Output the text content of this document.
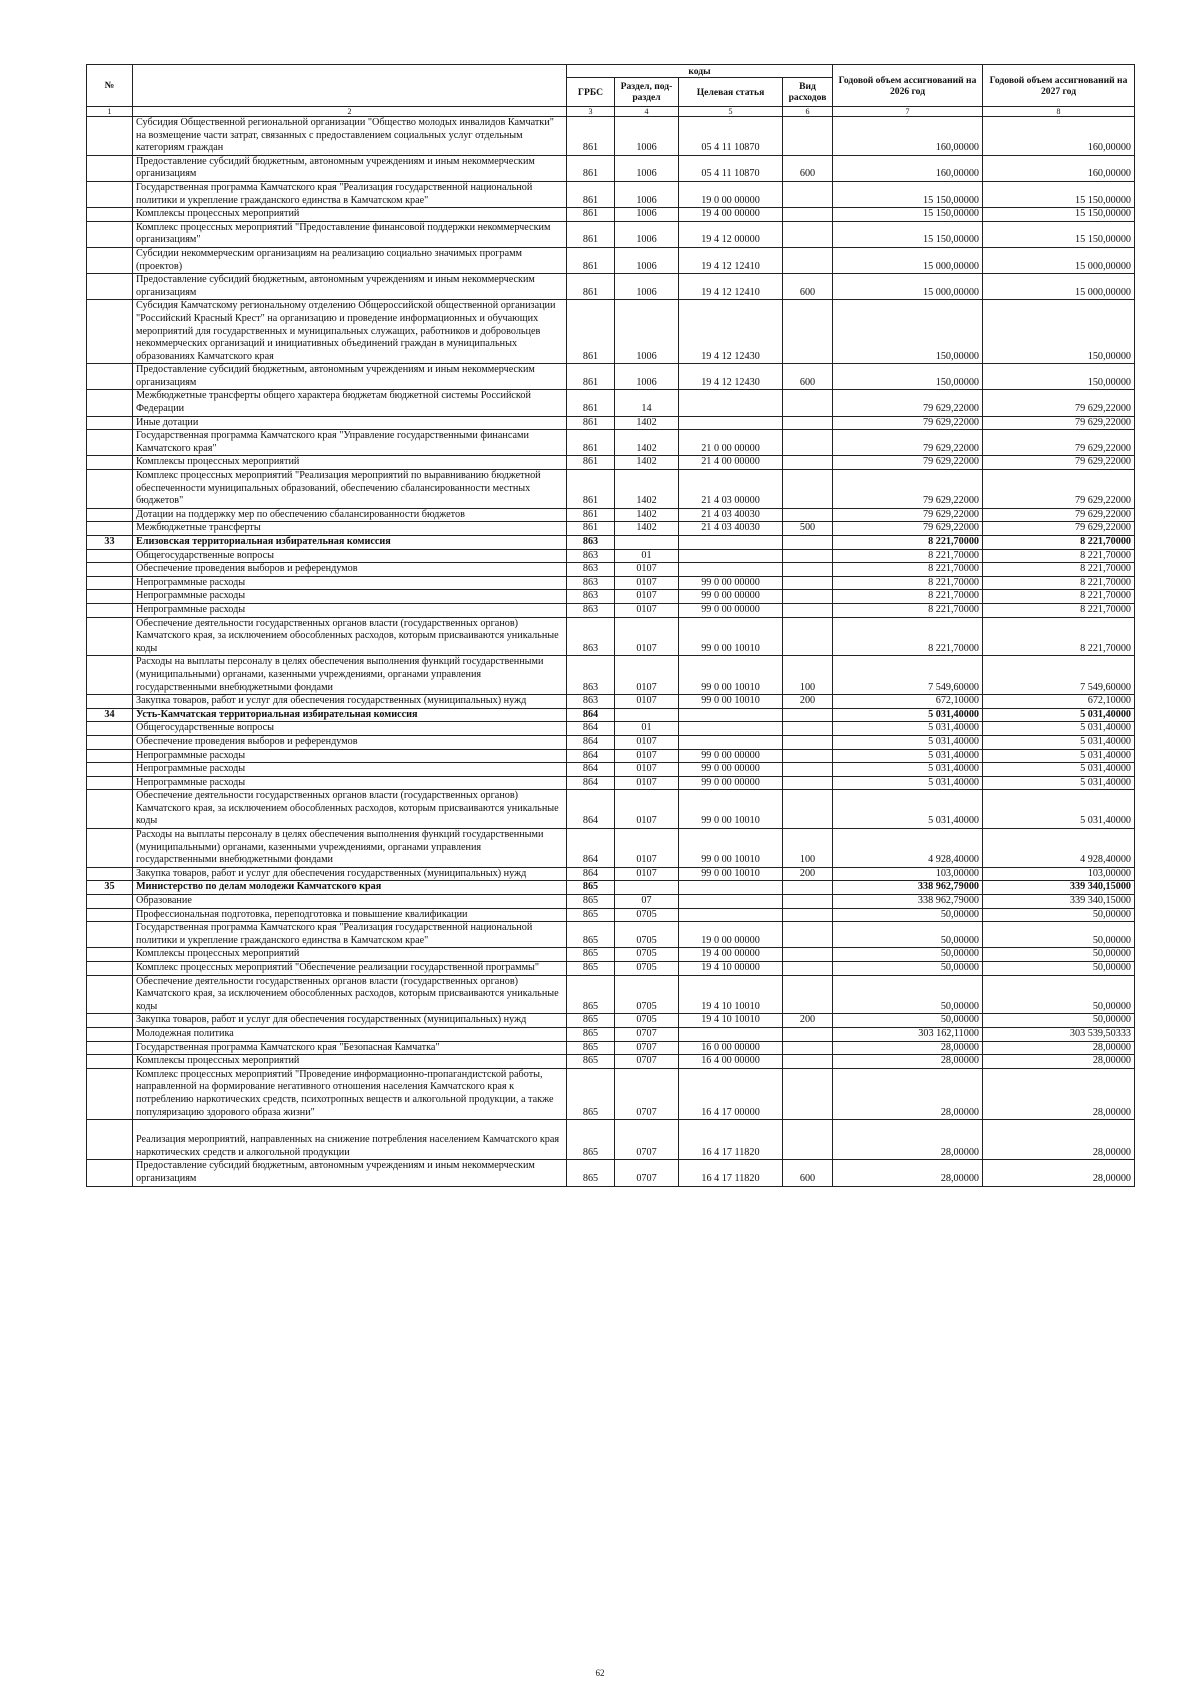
№		коды				Годовой объем ассигнований на 2026 год	Годовой объем ассигнований на 2027 год
		ГРБС	Раздел, под-раздел	Целевая статья	Вид расходов		
1	2	3	4	5	6	7	8
	Субсидия Общественной региональной организации "Общество молодых инвалидов Камчатки" на возмещение части затрат, связанных с предоставлением социальных услуг отдельным категориям граждан	861	1006	05 4 11 10870		160,00000	160,00000
	Предоставление субсидий бюджетным, автономным учреждениям и иным некоммерческим организациям	861	1006	05 4 11 10870	600	160,00000	160,00000
	Государственная программа Камчатского края "Реализация государственной национальной политики и укрепление гражданского единства в Камчатском крае"	861	1006	19 0 00 00000		15 150,00000	15 150,00000
	Комплексы процессных мероприятий	861	1006	19 4 00 00000		15 150,00000	15 150,00000
	Комплекс процессных мероприятий "Предоставление финансовой поддержки некоммерческим организациям"	861	1006	19 4 12 00000		15 150,00000	15 150,00000
	Субсидии некоммерческим организациям на реализацию социально значимых программ (проектов)	861	1006	19 4 12 12410		15 000,00000	15 000,00000
	Предоставление субсидий бюджетным, автономным учреждениям и иным некоммерческим организациям	861	1006	19 4 12 12410	600	15 000,00000	15 000,00000
	Субсидия Камчатскому региональному отделению Общероссийской общественной организации "Российский Красный Крест" на организацию и проведение информационных и обучающих мероприятий для государственных и муниципальных служащих, работников и добровольцев некоммерческих организаций и инициативных объединений граждан в муниципальных образованиях Камчатского края	861	1006	19 4 12 12430		150,00000	150,00000
	Предоставление субсидий бюджетным, автономным учреждениям и иным некоммерческим организациям	861	1006	19 4 12 12430	600	150,00000	150,00000
	Межбюджетные трансферты общего характера бюджетам бюджетной системы Российской Федерации	861	14			79 629,22000	79 629,22000
	Иные дотации	861	1402			79 629,22000	79 629,22000
	Государственная программа Камчатского края "Управление государственными финансами Камчатского края"	861	1402	21 0 00 00000		79 629,22000	79 629,22000
	Комплексы процессных мероприятий	861	1402	21 4 00 00000		79 629,22000	79 629,22000
	Комплекс процессных мероприятий "Реализация мероприятий по выравниванию бюджетной обеспеченности муниципальных образований, обеспечению сбалансированности местных бюджетов"	861	1402	21 4 03 00000		79 629,22000	79 629,22000
	Дотации на поддержку мер по обеспечению сбалансированности бюджетов	861	1402	21 4 03 40030		79 629,22000	79 629,22000
	Межбюджетные трансферты	861	1402	21 4 03 40030	500	79 629,22000	79 629,22000
33	Елизовская территориальная избирательная комиссия	863				8 221,70000	8 221,70000
	Общегосударственные вопросы	863	01			8 221,70000	8 221,70000
	Обеспечение проведения выборов и референдумов	863	0107			8 221,70000	8 221,70000
	Непрограммные расходы	863	0107	99 0 00 00000		8 221,70000	8 221,70000
	Непрограммные расходы	863	0107	99 0 00 00000		8 221,70000	8 221,70000
	Непрограммные расходы	863	0107	99 0 00 00000		8 221,70000	8 221,70000
	Обеспечение деятельности государственных органов власти (государственных органов) Камчатского края, за исключением обособленных расходов, которым присваиваются уникальные коды	863	0107	99 0 00 10010		8 221,70000	8 221,70000
	Расходы на выплаты персоналу в целях обеспечения выполнения функций государственными (муниципальными) органами, казенными учреждениями, органами управления государственными внебюджетными фондами	863	0107	99 0 00 10010	100	7 549,60000	7 549,60000
	Закупка товаров, работ и услуг для обеспечения государственных (муниципальных) нужд	863	0107	99 0 00 10010	200	672,10000	672,10000
34	Усть-Камчатская территориальная избирательная комиссия	864				5 031,40000	5 031,40000
	Общегосударственные вопросы	864	01			5 031,40000	5 031,40000
	Обеспечение проведения выборов и референдумов	864	0107			5 031,40000	5 031,40000
	Непрограммные расходы	864	0107	99 0 00 00000		5 031,40000	5 031,40000
	Непрограммные расходы	864	0107	99 0 00 00000		5 031,40000	5 031,40000
	Непрограммные расходы	864	0107	99 0 00 00000		5 031,40000	5 031,40000
	Обеспечение деятельности государственных органов власти (государственных органов) Камчатского края, за исключением обособленных расходов, которым присваиваются уникальные коды	864	0107	99 0 00 10010		5 031,40000	5 031,40000
	Расходы на выплаты персоналу в целях обеспечения выполнения функций государственными (муниципальными) органами, казенными учреждениями, органами управления государственными внебюджетными фондами	864	0107	99 0 00 10010	100	4 928,40000	4 928,40000
	Закупка товаров, работ и услуг для обеспечения государственных (муниципальных) нужд	864	0107	99 0 00 10010	200	103,00000	103,00000
35	Министерство по делам молодежи Камчатского края	865				338 962,79000	339 340,15000
	Образование	865	07			338 962,79000	339 340,15000
	Профессиональная подготовка, переподготовка и повышение квалификации	865	0705			50,00000	50,00000
	Государственная программа Камчатского края "Реализация государственной национальной политики и укрепление гражданского единства в Камчатском крае"	865	0705	19 0 00 00000		50,00000	50,00000
	Комплексы процессных мероприятий	865	0705	19 4 00 00000		50,00000	50,00000
	Комплекс процессных мероприятий "Обеспечение реализации государственной программы"	865	0705	19 4 10 00000		50,00000	50,00000
	Обеспечение деятельности государственных органов власти (государственных органов) Камчатского края, за исключением обособленных расходов, которым присваиваются уникальные коды	865	0705	19 4 10 10010		50,00000	50,00000
	Закупка товаров, работ и услуг для обеспечения государственных (муниципальных) нужд	865	0705	19 4 10 10010	200	50,00000	50,00000
	Молодежная политика	865	0707			303 162,11000	303 539,50333
	Государственная программа Камчатского края "Безопасная Камчатка"	865	0707	16 0 00 00000		28,00000	28,00000
	Комплексы процессных мероприятий	865	0707	16 4 00 00000		28,00000	28,00000
	Комплекс процессных мероприятий "Проведение информационно-пропагандистской работы, направленной на формирование негативного отношения населения Камчатского края к потреблению наркотических средств, психотропных веществ и алкогольной продукции, а также популяризацию здорового образа жизни"	865	0707	16 4 17 00000		28,00000	28,00000
	Реализация мероприятий, направленных на снижение потребления населением Камчатского края наркотических средств и алкогольной продукции	865	0707	16 4 17 11820		28,00000	28,00000
	Предоставление субсидий бюджетным, автономным учреждениям и иным некоммерческим организациям	865	0707	16 4 17 11820	600	28,00000	28,00000
62
